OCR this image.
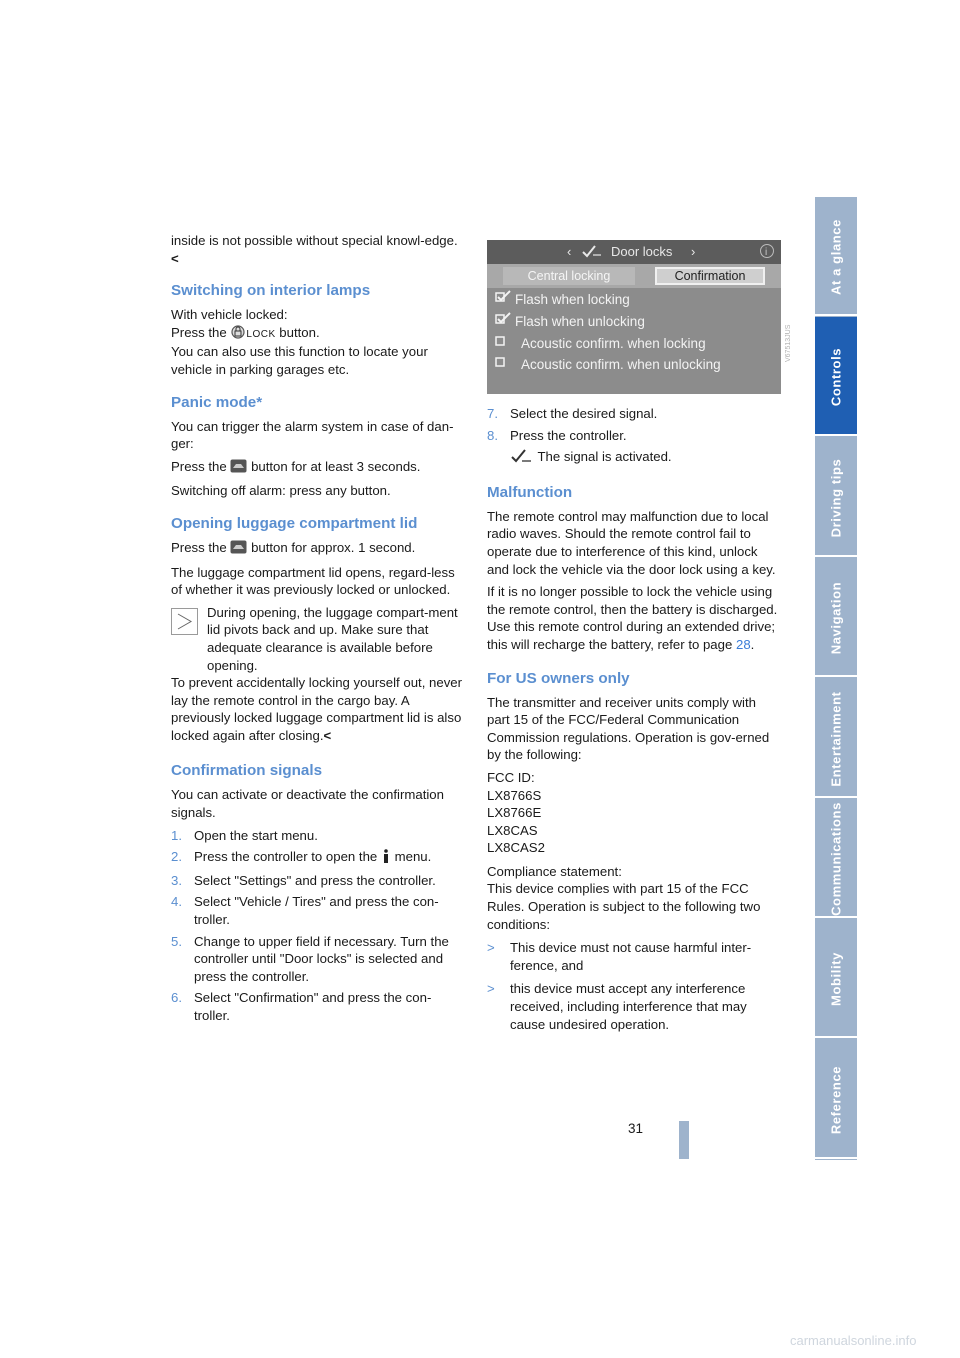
inside is not possible without special knowl-edge.<

Switching on interior lamps

With vehicle locked:
Press the LOCK button.
You can also use this function to locate your vehicle in parking garages etc.

Panic mode*

You can trigger the alarm system in case of dan-ger:

Press the button for at least 3 seconds.

Switching off alarm: press any button.

Opening luggage compartment lid

Press the button for approx. 1 second.

The luggage compartment lid opens, regard-less of whether it was previously locked or unlocked.

During opening, the luggage compart-ment lid pivots back and up. Make sure that adequate clearance is available before opening.

To prevent accidentally locking yourself out, never lay the remote control in the cargo bay. A previously locked luggage compartment lid is also locked again after closing.<
Confirmation signals

You can activate or deactivate the confirmation signals.

1. Open the start menu.
2. Press the controller to open the menu.
3. Select "Settings" and press the controller.
4. Select "Vehicle / Tires" and press the con-troller.
5. Change to upper field if necessary. Turn the controller until "Door locks" is selected and press the controller.
6. Select "Confirmation" and press the con-troller.
‹	Door locks ›	i
Central locking	Confirmation
Flash when locking
Flash when unlocking
Acoustic confirm. when locking
Acoustic confirm. when unlocking
V67513JUS
7. Select the desired signal.
8. Press the controller.
The signal is activated.
Malfunction

The remote control may malfunction due to local radio waves. Should the remote control fail to operate due to interference of this kind, unlock and lock the vehicle via the door lock using a key.

If it is no longer possible to lock the vehicle using the remote control, then the battery is discharged. Use this remote control during an extended drive; this will recharge the battery, refer to page 28.

For US owners only

The transmitter and receiver units comply with part 15 of the FCC/Federal Communication Commission regulations. Operation is gov-erned by the following:

FCC ID:
LX8766S
LX8766E
LX8CAS
LX8CAS2

Compliance statement:
This device complies with part 15 of the FCC Rules. Operation is subject to the following two conditions:

>	This device must not cause harmful inter-ference, and
>	this device must accept any interference received, including interference that may cause undesired operation.
At a glance
Controls
Driving tips
Navigation
Entertainment
Communications
Mobility
Reference
31
carmanualsonline.info
